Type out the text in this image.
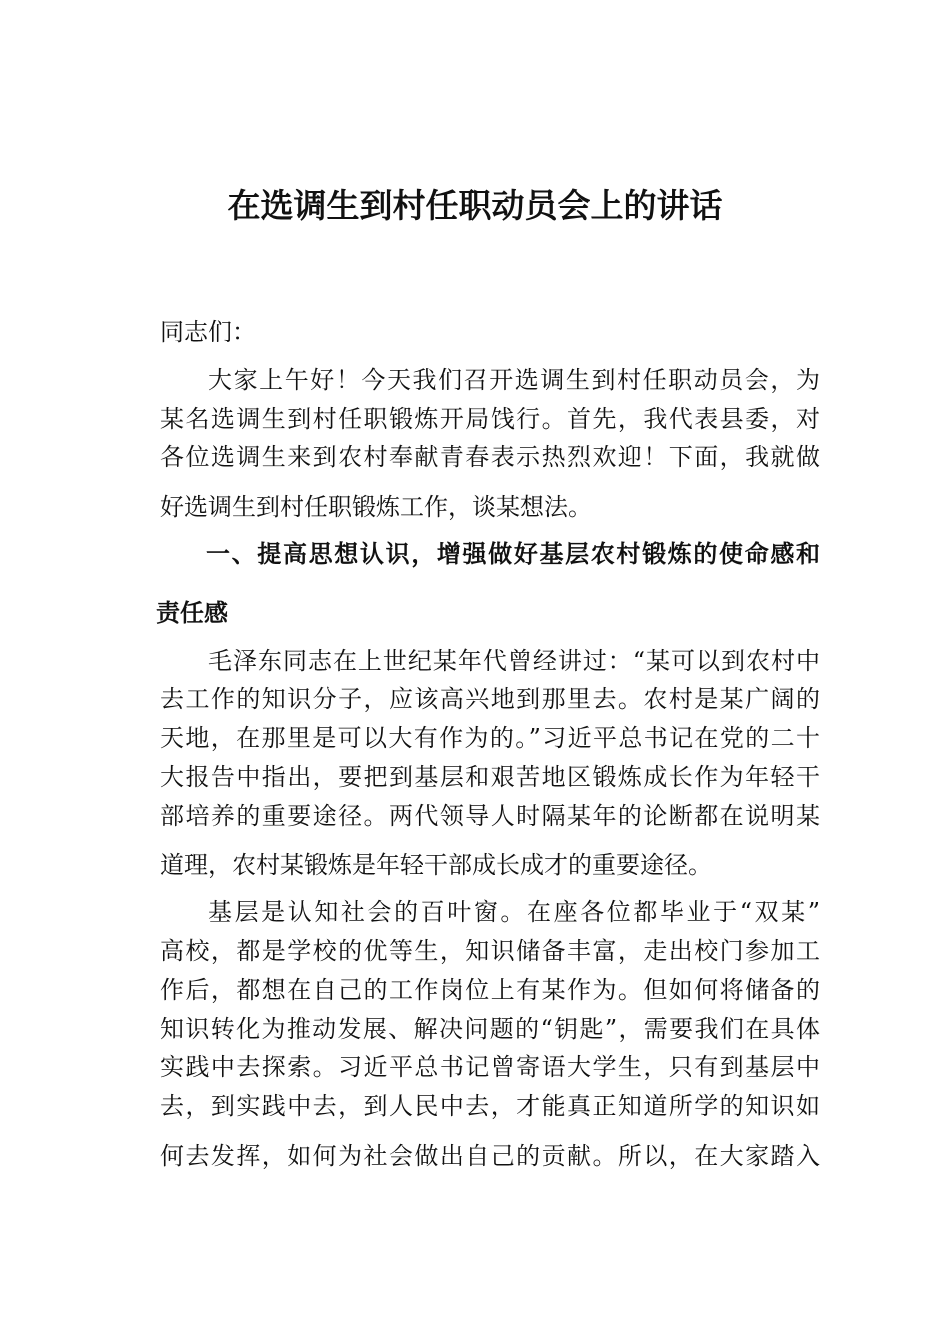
在选调生到村任职动员会上的讲话

同志们：

大家上午好！今天我们召开选调生到村任职动员会，为

某名选调生到村任职锻炼开局饯行。首先，我代表县委，对

各位选调生来到农村奉献青春表示热烈欢迎！下面，我就做

好选调生到村任职锻炼工作，谈某想法。

一、提高思想认识，增强做好基层农村锻炼的使命感和

责任感

毛泽东同志在上世纪某年代曾经讲过：“某可以到农村中

去工作的知识分子，应该高兴地到那里去。农村是某广阔的

天地，在那里是可以大有作为的。”习近平总书记在党的二十

大报告中指出，要把到基层和艰苦地区锻炼成长作为年轻干

部培养的重要途径。两代领导人时隔某年的论断都在说明某

道理，农村某锻炼是年轻干部成长成才的重要途径。

基层是认知社会的百叶窗。在座各位都毕业于“双某”

高校，都是学校的优等生，知识储备丰富，走出校门参加工

作后，都想在自己的工作岗位上有某作为。但如何将储备的

知识转化为推动发展、解决问题的“钥匙”，需要我们在具体

实践中去探索。习近平总书记曾寄语大学生，只有到基层中

去，到实践中去，到人民中去，才能真正知道所学的知识如

何去发挥，如何为社会做出自己的贡献。所以，在大家踏入
